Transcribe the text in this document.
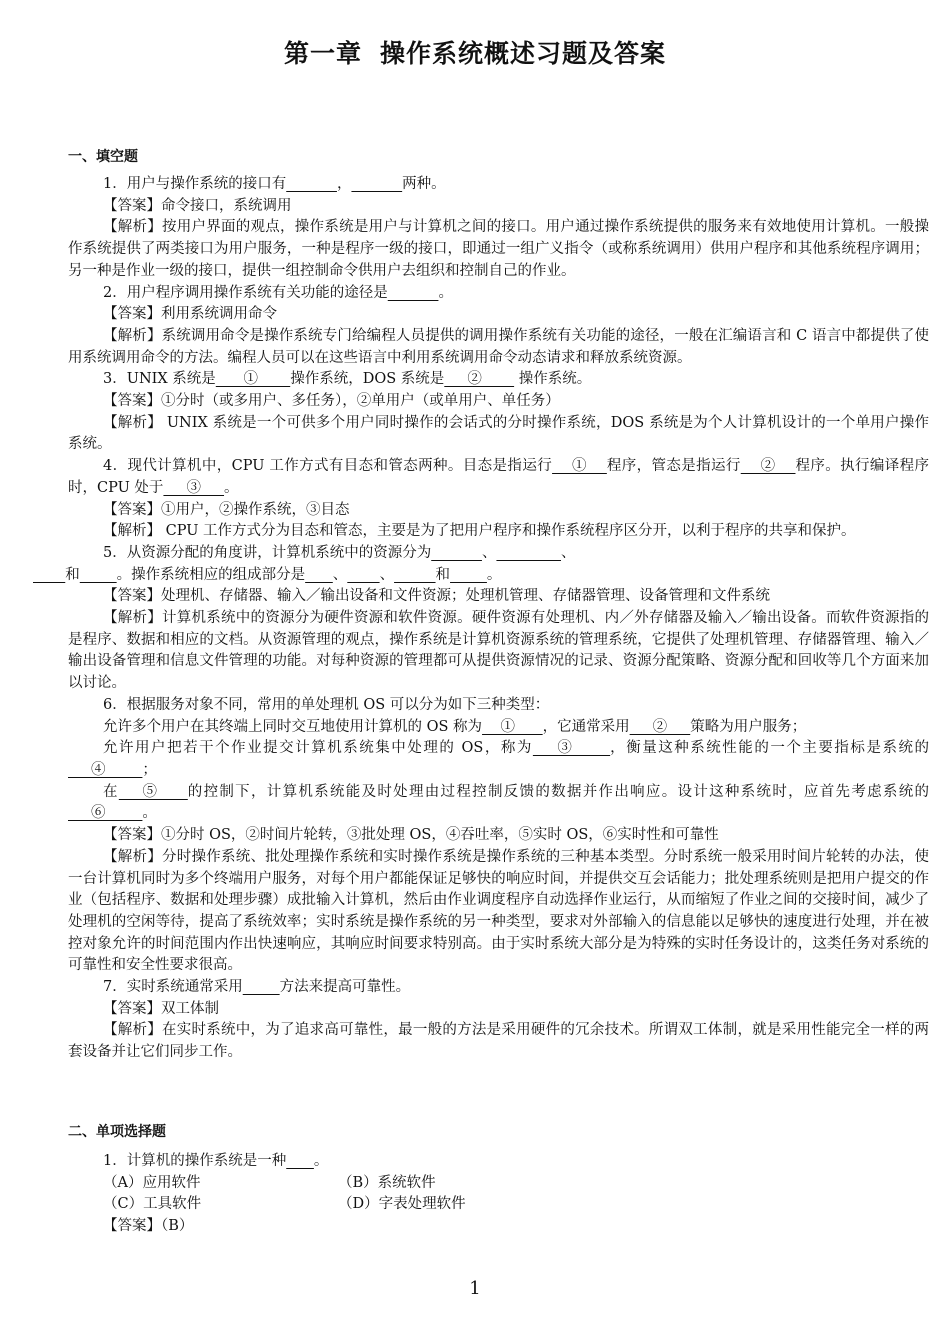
第一章 操作系统概述习题及答案
一、填空题

1．用户与操作系统的接口有	，	两种。

【答案】命令接口，系统调用

【解析】按用户界面的观点，操作系统是用户与计算机之间的接口。用户通过操作系统提供的服务来有效地使用计算机。一般操作系统提供了两类接口为用户服务，一种是程序一级的接口，即通过一组广义指令（或称系统调用）供用户程序和其他系统程序调用；另一种是作业一级的接口，提供一组控制命令供用户去组织和控制自己的作业。

2．用户程序调用操作系统有关功能的途径是	。

【答案】利用系统调用命令

【解析】系统调用命令是操作系统专门给编程人员提供的调用操作系统有关功能的途径，一般在汇编语言和 C 语言中都提供了使用系统调用命令的方法。编程人员可以在这些语言中利用系统调用命令动态请求和释放系统资源。

3．UNIX 系统是      ①       操作系统，DOS 系统是     ②        操作系统。

【答案】①分时（或多用户、多任务），②单用户（或单用户、单任务）

【解析】 UNIX 系统是一个可供多个用户同时操作的会话式的分时操作系统，DOS 系统是为个人计算机设计的一个单用户操作系统。

4．现代计算机中，CPU 工作方式有目态和管态两种。目态是指运行    ①    程序，管态是指运行    ②    程序。执行编译程序时，CPU 处于     ③     。

【答案】①用户，②操作系统，③目态

【解析】 CPU 工作方式分为目态和管态，主要是为了把用户程序和操作系统程序区分开，以利于程序的共享和保护。

5．从资源分配的角度讲，计算机系统中的资源分为	、	、
和	。操作系统相应的组成部分是 、 、	和	。

【答案】处理机、存储器、输入／输出设备和文件资源；处理机管理、存储器管理、设备管理和文件系统

【解析】计算机系统中的资源分为硬件资源和软件资源。硬件资源有处理机、内／外存储器及输入／输出设备。而软件资源指的是程序、数据和相应的文档。从资源管理的观点，操作系统是计算机资源系统的管理系统，它提供了处理机管理、存储器管理、输入／输出设备管理和信息文件管理的功能。对每种资源的管理都可从提供资源情况的记录、资源分配策略、资源分配和回收等几个方面来加以讨论。

6．根据服务对象不同，常用的单处理机 OS 可以分为如下三种类型：

允许多个用户在其终端上同时交互地使用计算机的 OS 称为    ①      ，它通常采用     ②     策略为用户服务；

允许用户把若干个作业提交计算机系统集中处理的 OS，称为    ③      ，衡量这种系统性能的一个主要指标是系统的     ④        ；

在    ⑤     的控制下，计算机系统能及时处理由过程控制反馈的数据并作出响应。设计这种系统时，应首先考虑系统的     ⑥        。

【答案】①分时 OS，②时间片轮转，③批处理 OS，④吞吐率，⑤实时 OS，⑥实时性和可靠性

【解析】分时操作系统、批处理操作系统和实时操作系统是操作系统的三种基本类型。分时系统一般采用时间片轮转的办法，使一台计算机同时为多个终端用户服务，对每个用户都能保证足够快的响应时间，并提供交互会话能力；批处理系统则是把用户提交的作业（包括程序、数据和处理步骤）成批输入计算机，然后由作业调度程序自动选择作业运行，从而缩短了作业之间的交接时间，减少了处理机的空闲等待，提高了系统效率；实时系统是操作系统的另一种类型，要求对外部输入的信息能以足够快的速度进行处理，并在被控对象允许的时间范围内作出快速响应，其响应时间要求特别高。由于实时系统大部分是为特殊的实时任务设计的，这类任务对系统的可靠性和安全性要求很高。

7．实时系统通常采用	方法来提高可靠性。

【答案】双工体制

【解析】在实时系统中，为了追求高可靠性，最一般的方法是采用硬件的冗余技术。所谓双工体制，就是采用性能完全一样的两套设备并让它们同步工作。

二、单项选择题
1．计算机的操作系统是一种 。
（A）应用软件	（B）系统软件
（C）工具软件	（D）字表处理软件
【答案】（B）
1
